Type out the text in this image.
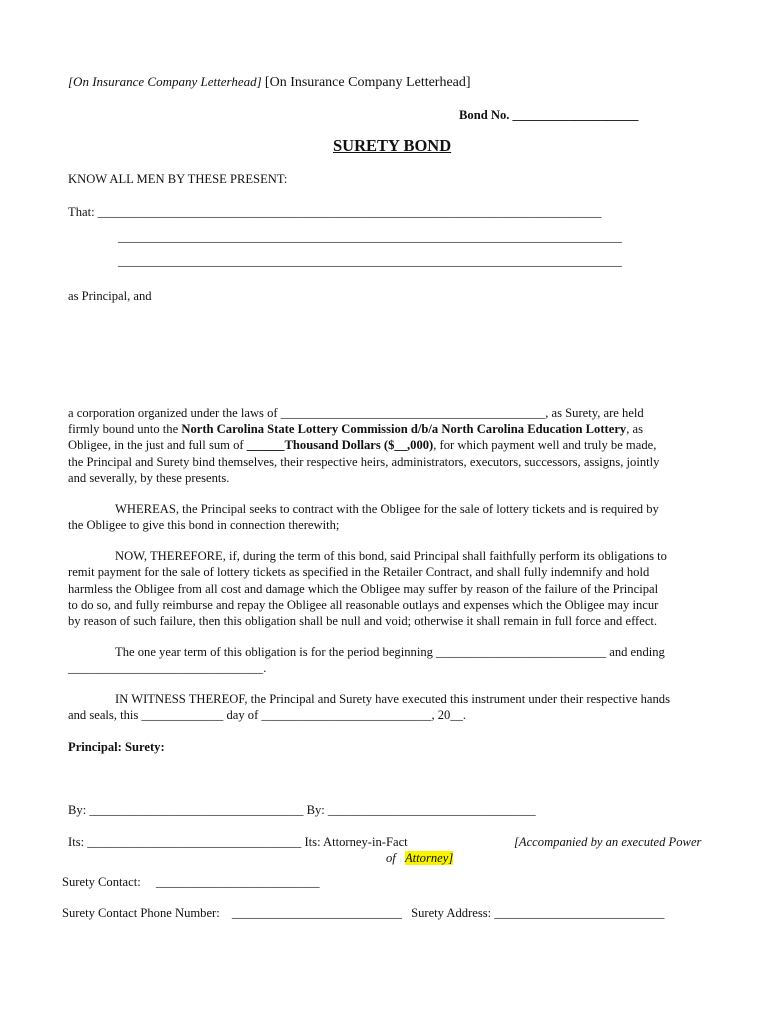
[On Insurance Company Letterhead] [On Insurance Company Letterhead]
Bond No. ____________________
SURETY BOND
KNOW ALL MEN BY THESE PRESENT:
That: ________________________________________________________________________________
________________________________________________________________________________
________________________________________________________________________________
as Principal, and
a corporation organized under the laws of __________________________________________, as Surety, are held
firmly bound unto the North Carolina State Lottery Commission d/b/a North Carolina Education Lottery, as
Obligee, in the just and full sum of ______Thousand Dollars ($__,000), for which payment well and truly be made,
the Principal and Surety bind themselves, their respective heirs, administrators, executors, successors, assigns, jointly
and severally, by these presents.
WHEREAS, the Principal seeks to contract with the Obligee for the sale of lottery tickets and is required by
the Obligee to give this bond in connection therewith;
NOW, THEREFORE, if, during the term of this bond, said Principal shall faithfully perform its obligations to
remit payment for the sale of lottery tickets as specified in the Retailer Contract, and shall fully indemnify and hold
harmless the Obligee from all cost and damage which the Obligee may suffer by reason of the failure of the Principal
to do so, and fully reimburse and repay the Obligee all reasonable outlays and expenses which the Obligee may incur
by reason of such failure, then this obligation shall be null and void; otherwise it shall remain in full force and effect.
The one year term of this obligation is for the period beginning ___________________________ and ending
_______________________________.
IN WITNESS THEREOF, the Principal and Surety have executed this instrument under their respective hands
and seals, this _____________ day of ___________________________, 20__.
Principal: Surety:
By: __________________________________ By: _________________________________
Its: __________________________________ Its: Attorney-in-Fact	[Accompanied by an executed Power
of Attorney]
Surety Contact: __________________________
Surety Contact Phone Number: ___________________________ Surety Address: ___________________________
